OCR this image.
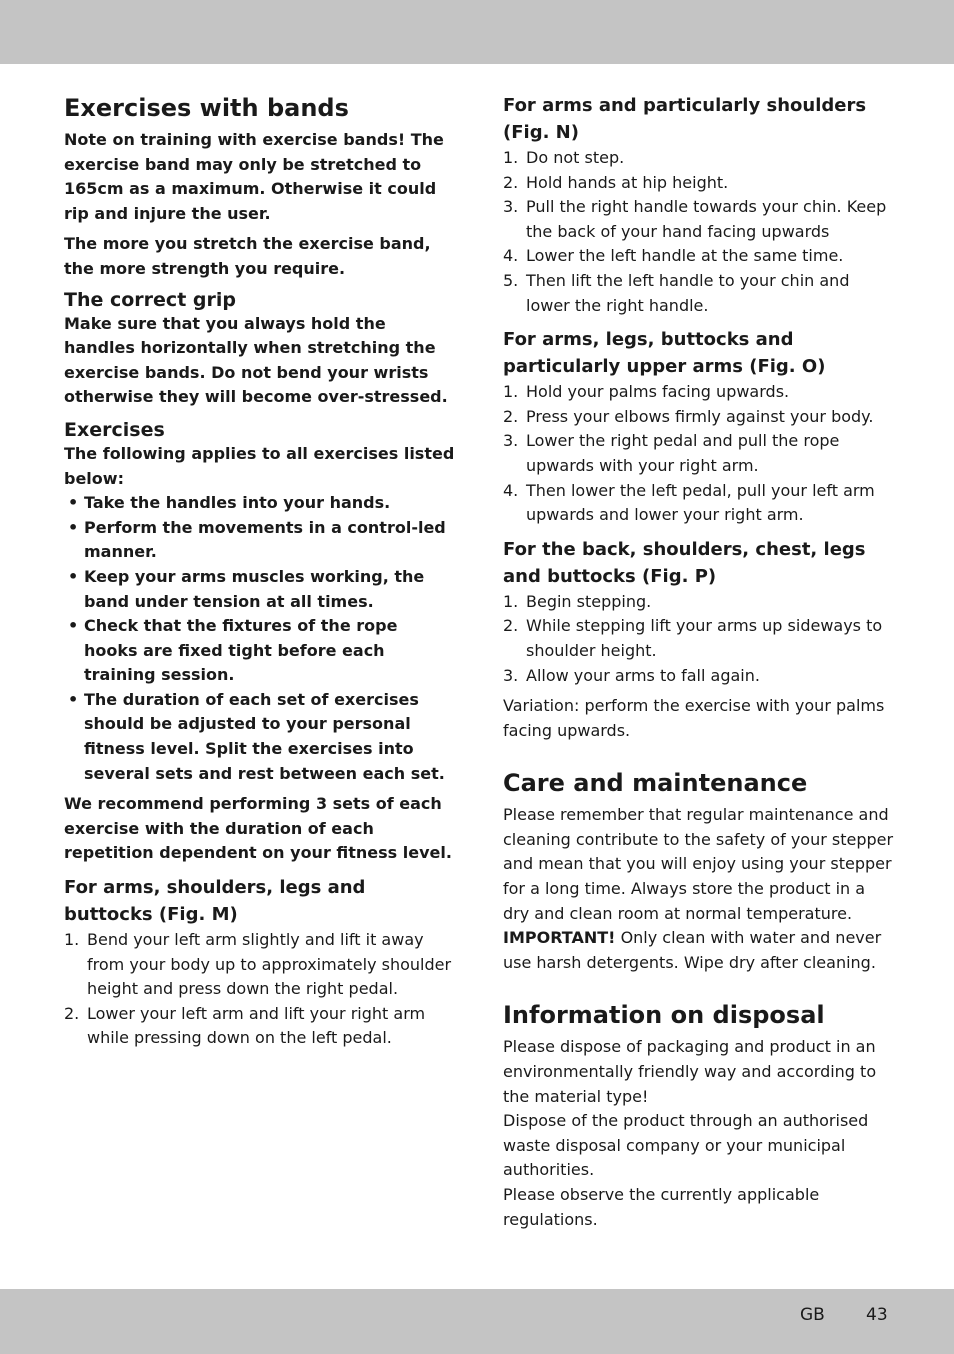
Exercises with bands
Note on training with exercise bands! The exercise band may only be stretched to 165cm as a maximum. Otherwise it could rip and injure the user.
The more you stretch the exercise band, the more strength you require.
The correct grip
Make sure that you always hold the handles horizontally when stretching the exercise bands. Do not bend your wrists otherwise they will become over-stressed.
Exercises
The following applies to all exercises listed below:
• Take the handles into your hands.
• Perform the movements in a control-led manner.
• Keep your arms muscles working, the band under tension at all times.
• Check that the fixtures of the rope hooks are fixed tight before each training session.
• The duration of each set of exercises should be adjusted to your personal fitness level. Split the exercises into several sets and rest between each set.
We recommend performing 3 sets of each exercise with the duration of each repetition dependent on your fitness level.
For arms, shoulders, legs and buttocks (Fig. M)
1. Bend your left arm slightly and lift it away from your body up to approximately shoulder height and press down the right pedal.
2. Lower your left arm and lift your right arm while pressing down on the left pedal.
For arms and particularly shoulders (Fig. N)
1. Do not step.
2. Hold hands at hip height.
3. Pull the right handle towards your chin. Keep the back of your hand facing upwards
4. Lower the left handle at the same time.
5. Then lift the left handle to your chin and lower the right handle.
For arms, legs, buttocks and particularly upper arms (Fig. O)
1. Hold your palms facing upwards.
2. Press your elbows firmly against your body.
3. Lower the right pedal and pull the rope upwards with your right arm.
4. Then lower the left pedal, pull your left arm upwards and lower your right arm.
For the back, shoulders, chest, legs and buttocks (Fig. P)
1. Begin stepping.
2. While stepping lift your arms up sideways to shoulder height.
3. Allow your arms to fall again.
Variation: perform the exercise with your palms facing upwards.
Care and maintenance
Please remember that regular maintenance and cleaning contribute to the safety of your stepper and mean that you will enjoy using your stepper for a long time. Always store the product in a dry and clean room at normal temperature. IMPORTANT! Only clean with water and never use harsh detergents. Wipe dry after cleaning.
Information on disposal
Please dispose of packaging and product in an environmentally friendly way and according to the material type!
Dispose of the product through an authorised waste disposal company or your municipal authorities.
Please observe the currently applicable regulations.
GB 43
